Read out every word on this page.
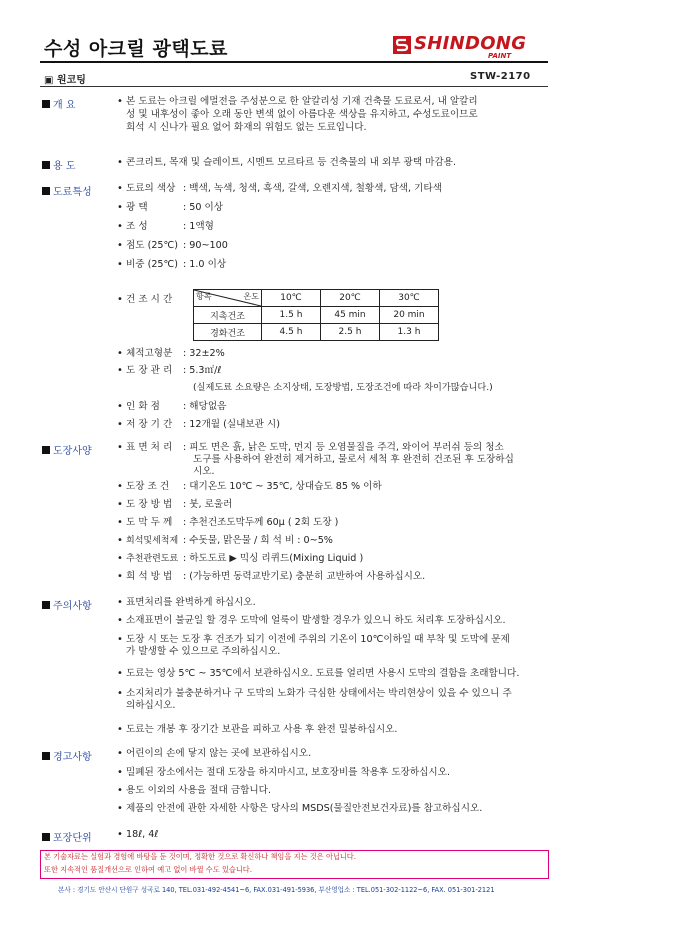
수성 아크릴 광택도료	SHINDONG
PAINT
▣ 원코팅	STW-2170
개 요	• 본 도료는 아크릴 에멀전을 주성분으로 한 알칼리성 기재 건축물 도료로서, 내 알칼리
성 및 내후성이 좋아 오래 동안 변색 없이 아름다운 색상을 유지하고, 수성도료이므로
희석 시 신나가 필요 없어 화재의 위험도 없는 도료입니다.
용 도	• 콘크리트, 목재 및 슬레이트, 시멘트 모르타르 등 건축물의 내 외부 광택 마감용.
도료특성	• 도료의 색상 : 백색, 녹색, 청색, 흑색, 갈색, 오렌지색, 철황색, 담색, 기타색
• 광 택	: 50 이상
• 조 성	: 1액형
• 점도 (25℃) : 90~100
• 비중 (25℃) : 1.0 이상
• 건 조 시 간	항목 온도	10℃	20℃	30℃
지촉건조	1.5 h	45 min	20 min
경화건조	4.5 h	2.5 h	1.3 h
• 체적고형분 : 32±2%
• 도 장 관 리 : 5.3㎡/ℓ
(실제도료 소요량은 소지상태, 도장방법, 도장조건에 따라 차이가많습니다.)
• 인 화 점 : 해당없음
• 저 장 기 간 : 12개월 (실내보관 시)
도장사양	• 표 면 처 리 : 피도 면은 흙, 낡은 도막, 먼지 등 오염물질을 주걱, 와이어 부러쉬 등의 청소
도구를 사용하여 완전히 제거하고, 물로서 세척 후 완전히 건조된 후 도장하십
시오.
• 도장 조 건 : 대기온도 10℃ ~ 35℃, 상대습도 85 % 이하
• 도 장 방 법 : 붓, 로울러
• 도 막 두 께 : 추천건조도막두께 60μ ( 2회 도장 )
• 희석및세척제 : 수돗물, 맑은물 / 희 석 비 : 0~5%
• 추천관련도료 : 하도도료 ▶ 믹싱 리퀴드(Mixing Liquid )
• 희 석 방 법 : (가능하면 동력교반기로) 충분히 교반하여 사용하십시오.
주의사항	• 표면처리를 완벽하게 하십시오.
• 소재표면이 불균일 할 경우 도막에 얼룩이 발생할 경우가 있으니 하도 처리후 도장하십시오.
• 도장 시 또는 도장 후 건조가 되기 이전에 주위의 기온이 10℃이하일 때 부착 및 도막에 문제
가 발생할 수 있으므로 주의하십시오.
• 도료는 영상 5℃ ~ 35℃에서 보관하십시오. 도료를 얼리면 사용시 도막의 결함을 초래합니다.
• 소지처리가 불충분하거나 구 도막의 노화가 극심한 상태에서는 박리현상이 있을 수 있으니 주
의하십시오.
• 도료는 개봉 후 장기간 보관을 피하고 사용 후 완전 밀봉하십시오.
경고사항	• 어린이의 손에 닿지 않는 곳에 보관하십시오.
• 밀폐된 장소에서는 절대 도장을 하지마시고, 보호장비를 착용후 도장하십시오.
• 용도 이외의 사용을 절대 금합니다.
• 제품의 안전에 관한 자세한 사항은 당사의 MSDS(물질안전보건자료)를 참고하십시오.
포장단위	• 18ℓ, 4ℓ
본 기술자료는 실험과 경험에 바탕을 둔 것이며, 정확한 것으로 확신하나 책임을 지는 것은 아닙니다.
또한 지속적인 품질개선으로 인하여 예고 없이 바뀔 수도 있습니다.
본사 : 경기도 안산시 단원구 성곡로 140, TEL.031-492-4541~6, FAX.031-491-5936, 부산영업소 : TEL.051-302-1122~6, FAX. 051-301-2121
